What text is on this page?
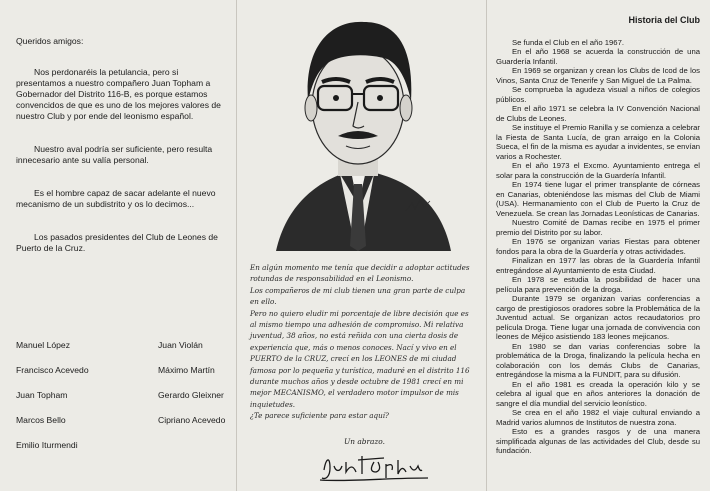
Queridos amigos:

Nos perdonaréis la petulancia, pero si presentamos a nuestro compañero Juan Topham a Gobernador del Distrito 116-B, es porque estamos convencidos de que es uno de los mejores valores de nuestro Club y por ende del leonismo español.

Nuestro aval podría ser suficiente, pero resulta innecesario ante su valía personal.

Es el hombre capaz de sacar adelante el nuevo mecanismo de un subdistrito y os lo decimos...

Los pasados presidentes del Club de Leones de Puerto de la Cruz.

Manuel López	Juan Violán
Francisco Acevedo	Máximo Martín
Juan Topham	Gerardo Gleixner
Marcos Bello	Cipriano Acevedo
Emilio Iturmendi

En algún momento me tenía que decidir a adoptar actitudes rotundas de responsabilidad en el Leonismo.

Los compañeros de mi club tienen una gran parte de culpa en ello.

Pero no quiero eludir mi porcentaje de libre decisión que es al mismo tiempo una adhesión de compromiso. Mi relativa juventud, 38 años, no está reñida con una cierta dosis de experiencia que, más o menos conoces. Nací y vivo en el PUERTO de la CRUZ, crecí en los LEONES de mi ciudad famosa por lo pequeña y turística, maduré en el distrito 116 durante muchos años y desde octubre de 1981 crecí en mi mejor MECANISMO, el verdadero motor impulsor de mis inquietudes.

¿Te parece suficiente para estar aquí?

Un abrazo.
Historia del Club

Se funda el Club en el año 1967.

En el año 1968 se acuerda la construcción de una Guardería Infantil.

En 1969 se organizan y crean los Clubs de Icod de los Vinos, Santa Cruz de Tenerife y San Miguel de La Palma.

Se comprueba la agudeza visual a niños de colegios públicos.

En el año 1971 se celebra la IV Convención Nacional de Clubs de Leones.

Se instituye el Premio Ranilla y se comienza a celebrar la Fiesta de Santa Lucía, de gran arraigo en la Colonia Sueca, el fin de la misma es ayudar a invidentes, se envían varios a Rochester.

En el año 1973 el Excmo. Ayuntamiento entrega el solar para la construcción de la Guardería Infantil.

En 1974 tiene lugar el primer transplante de córneas en Canarias, obteniéndose las mismas del Club de Miami (USA). Hermanamiento con el Club de Puerto la Cruz de Venezuela. Se crean las Jornadas Leonísticas de Canarias.

Nuestro Comité de Damas recibe en 1975 el primer premio del Distrito por su labor.

En 1976 se organizan varias Fiestas para obtener fondos para la obra de la Guardería y otras actividades.

Finalizan en 1977 las obras de la Guardería Infantil entregándose al Ayuntamiento de esta Ciudad.

En 1978 se estudia la posibilidad de hacer una película para prevención de la droga.

Durante 1979 se organizan varias conferencias a cargo de prestigiosos oradores sobre la Problemática de la Juventud actual. Se organizan actos recaudatorios pro película Droga. Tiene lugar una jornada de convivencia con leones de Méjico asistiendo 183 leones mejicanos.

En 1980 se dan varias conferencias sobre la problemática de la Droga, finalizando la película hecha en colaboración con los demás Clubs de Canarias, entregándose la misma a la FUNDIT, para su difusión.

En el año 1981 es creada la operación kilo y se celebra al igual que en años anteriores la donación de sangre el día mundial del servicio leonístico.

Se crea en el año 1982 el viaje cultural enviando a Madrid varios alumnos de Institutos de nuestra zona.

Esto es a grandes rasgos y de una manera simplificada algunas de las actividades del Club, desde su fundación.
